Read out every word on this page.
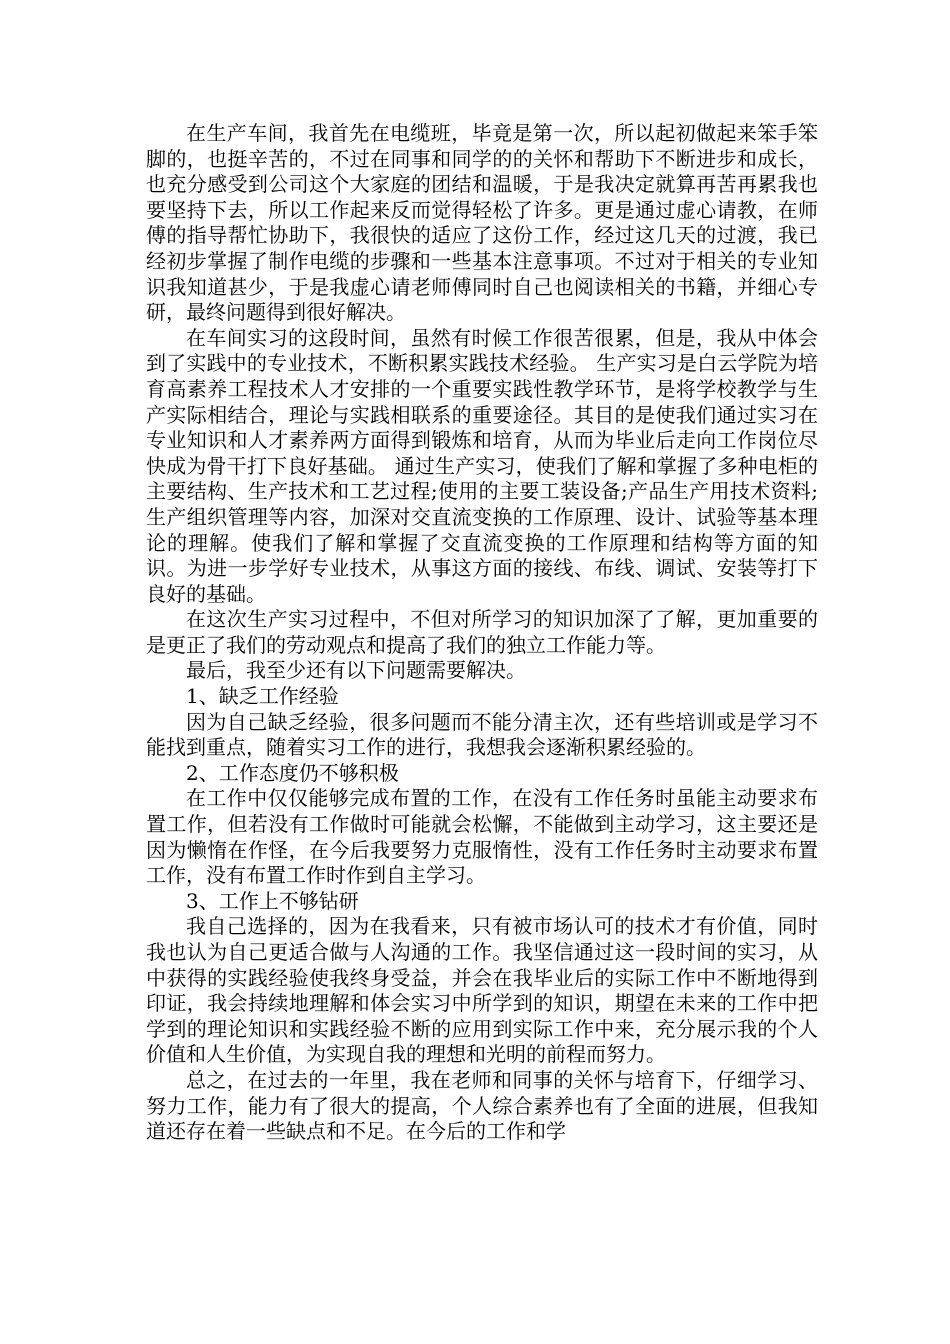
在生产车间，我首先在电缆班，毕竟是第一次，所以起初做起来笨手笨脚的，也挺辛苦的，不过在同事和同学的的关怀和帮助下不断进步和成长，也充分感受到公司这个大家庭的团结和温暖，于是我决定就算再苦再累我也要坚持下去，所以工作起来反而觉得轻松了许多。更是通过虚心请教，在师傅的指导帮忙协助下，我很快的适应了这份工作，经过这几天的过渡，我已经初步掌握了制作电缆的步骤和一些基本注意事项。不过对于相关的专业知识我知道甚少，于是我虚心请老师傅同时自己也阅读相关的书籍，并细心专研，最终问题得到很好解决。

在车间实习的这段时间，虽然有时候工作很苦很累，但是，我从中体会到了实践中的专业技术，不断积累实践技术经验。 生产实习是白云学院为培育高素养工程技术人才安排的一个重要实践性教学环节，是将学校教学与生产实际相结合，理论与实践相联系的重要途径。其目的是使我们通过实习在专业知识和人才素养两方面得到锻炼和培育，从而为毕业后走向工作岗位尽快成为骨干打下良好基础。 通过生产实习，使我们了解和掌握了多种电柜的主要结构、生产技术和工艺过程;使用的主要工装设备;产品生产用技术资料;生产组织管理等内容，加深对交直流变换的工作原理、设计、试验等基本理论的理解。使我们了解和掌握了交直流变换的工作原理和结构等方面的知识。为进一步学好专业技术，从事这方面的接线、布线、调试、安装等打下良好的基础。

在这次生产实习过程中，不但对所学习的知识加深了了解，更加重要的是更正了我们的劳动观点和提高了我们的独立工作能力等。

最后，我至少还有以下问题需要解决。

1、缺乏工作经验

因为自己缺乏经验，很多问题而不能分清主次，还有些培训或是学习不能找到重点，随着实习工作的进行，我想我会逐渐积累经验的。

2、工作态度仍不够积极

在工作中仅仅能够完成布置的工作，在没有工作任务时虽能主动要求布置工作，但若没有工作做时可能就会松懈，不能做到主动学习，这主要还是因为懒惰在作怪，在今后我要努力克服惰性，没有工作任务时主动要求布置工作，没有布置工作时作到自主学习。

3、工作上不够钻研

我自己选择的，因为在我看来，只有被市场认可的技术才有价值，同时我也认为自己更适合做与人沟通的工作。我坚信通过这一段时间的实习，从中获得的实践经验使我终身受益，并会在我毕业后的实际工作中不断地得到印证，我会持续地理解和体会实习中所学到的知识，期望在未来的工作中把学到的理论知识和实践经验不断的应用到实际工作中来，充分展示我的个人价值和人生价值，为实现自我的理想和光明的前程而努力。

总之，在过去的一年里，我在老师和同事的关怀与培育下，仔细学习、努力工作，能力有了很大的提高，个人综合素养也有了全面的进展，但我知道还存在着一些缺点和不足。在今后的工作和学
